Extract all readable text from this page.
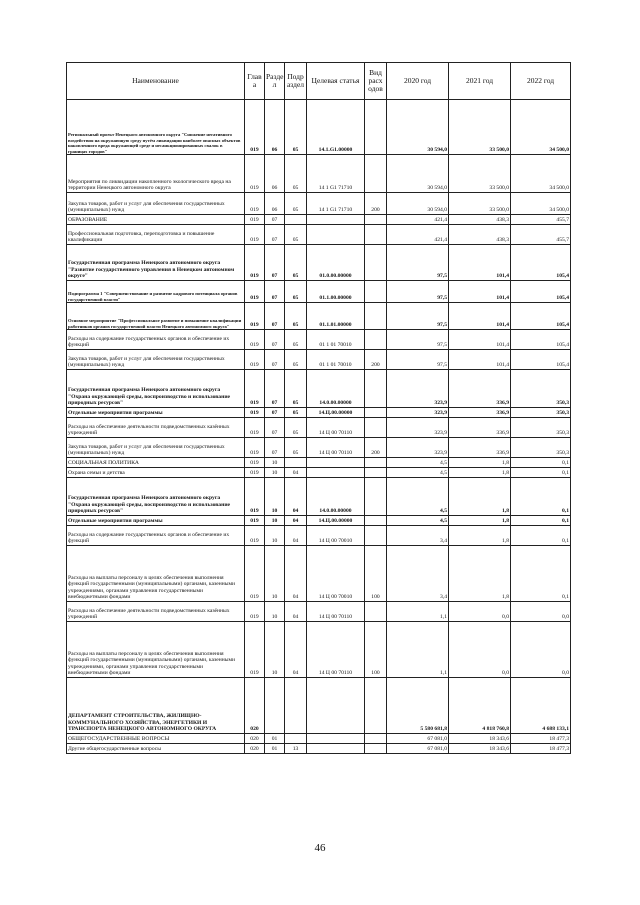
Наименование	Глав а	Разде л	Подр аздел	Целевая статья	Вид расх одов	2020 год	2021 год	2022 год
Региональный проект Ненецкого автономного округа "Снижение негативного воздействия на окружающую среду путём ликвидации наиболее опасных объектов накопленного вреда окружающей среде и несанкционированных свалок в границах городов"	019	06	05	14.1.G1.00000		30 594,0	33 500,0	34 500,0
Мероприятия по ликвидации накопленного экологического вреда на территории Ненецкого автономного округа	019	06	05	14 1 G1 71710		30 594,0	33 500,0	34 500,0
Закупка товаров, работ и услуг для обеспечения государственных (муниципальных) нужд	019	06	05	14 1 G1 71710	200	30 594,0	33 500,0	34 500,0
ОБРАЗОВАНИЕ	019	07				421,4	438,3	455,7
Профессиональная подготовка, переподготовка и повышение квалификации	019	07	05			421,4	438,3	455,7
Государственная программа Ненецкого автономного округа "Развитие государственного управления в Ненецком автономном округе"	019	07	05	01.0.00.00000		97,5	101,4	105,4
Подпрограмма 1 "Совершенствование и развитие кадрового потенциала органов государственной власти"	019	07	05	01.1.00.00000		97,5	101,4	105,4
Основное мероприятие "Профессиональное развитие и повышение квалификации работников органов государственной власти Ненецкого автономного округа"	019	07	05	01.1.01.00000		97,5	101,4	105,4
Расходы на содержание государственных органов и обеспечение их функций	019	07	05	01 1 01 70010		97,5	101,4	105,4
Закупка товаров, работ и услуг для обеспечения государственных (муниципальных) нужд	019	07	05	01 1 01 70010	200	97,5	101,4	105,4
Государственная программа Ненецкого автономного округа "Охрана окружающей среды, воспроизводство и использование природных ресурсов"	019	07	05	14.0.00.00000		323,9	336,9	350,3
Отдельные мероприятия программы	019	07	05	14.Ц.00.00000		323,9	336,9	350,3
Расходы на обеспечение деятельности подведомственных казённых учреждений	019	07	05	14 Ц 00 70110		323,9	336,9	350,3
Закупка товаров, работ и услуг для обеспечения государственных (муниципальных) нужд	019	07	05	14 Ц 00 70110	200	323,9	336,9	350,3
СОЦИАЛЬНАЯ ПОЛИТИКА	019	10				4,5	1,8	0,1
Охрана семьи и детства	019	10	04			4,5	1,8	0,1
Государственная программа Ненецкого автономного округа "Охрана окружающей среды, воспроизводство и использование природных ресурсов"	019	10	04	14.0.00.00000		4,5	1,8	0,1
Отдельные мероприятия программы	019	10	04	14.Ц.00.00000		4,5	1,8	0,1
Расходы на содержание государственных органов и обеспечение их функций	019	10	04	14 Ц 00 70010		3,4	1,8	0,1
Расходы на выплаты персоналу в целях обеспечения выполнения функций государственными (муниципальными) органами, казенными учреждениями, органами управления государственными внебюджетными фондами	019	10	04	14 Ц 00 70010	100	3,4	1,8	0,1
Расходы на обеспечение деятельности подведомственных казённых учреждений	019	10	04	14 Ц 00 70110		1,1	0,0	0,0
Расходы на выплаты персоналу в целях обеспечения выполнения функций государственными (муниципальными) органами, казенными учреждениями, органами управления государственными внебюджетными фондами	019	10	04	14 Ц 00 70110	100	1,1	0,0	0,0
ДЕПАРТАМЕНТ СТРОИТЕЛЬСТВА, ЖИЛИЩНО-КОММУНАЛЬНОГО ХОЗЯЙСТВА, ЭНЕРГЕТИКИ И ТРАНСПОРТА НЕНЕЦКОГО АВТОНОМНОГО ОКРУГА	020					5 580 681,8	4 818 760,8	4 688 133,1
ОБЩЕГОСУДАРСТВЕННЫЕ ВОПРОСЫ	020	01				67 081,0	18 343,6	18 477,3
Другие общегосударственные вопросы	020	01	13			67 081,0	18 343,6	18 477,3
46
